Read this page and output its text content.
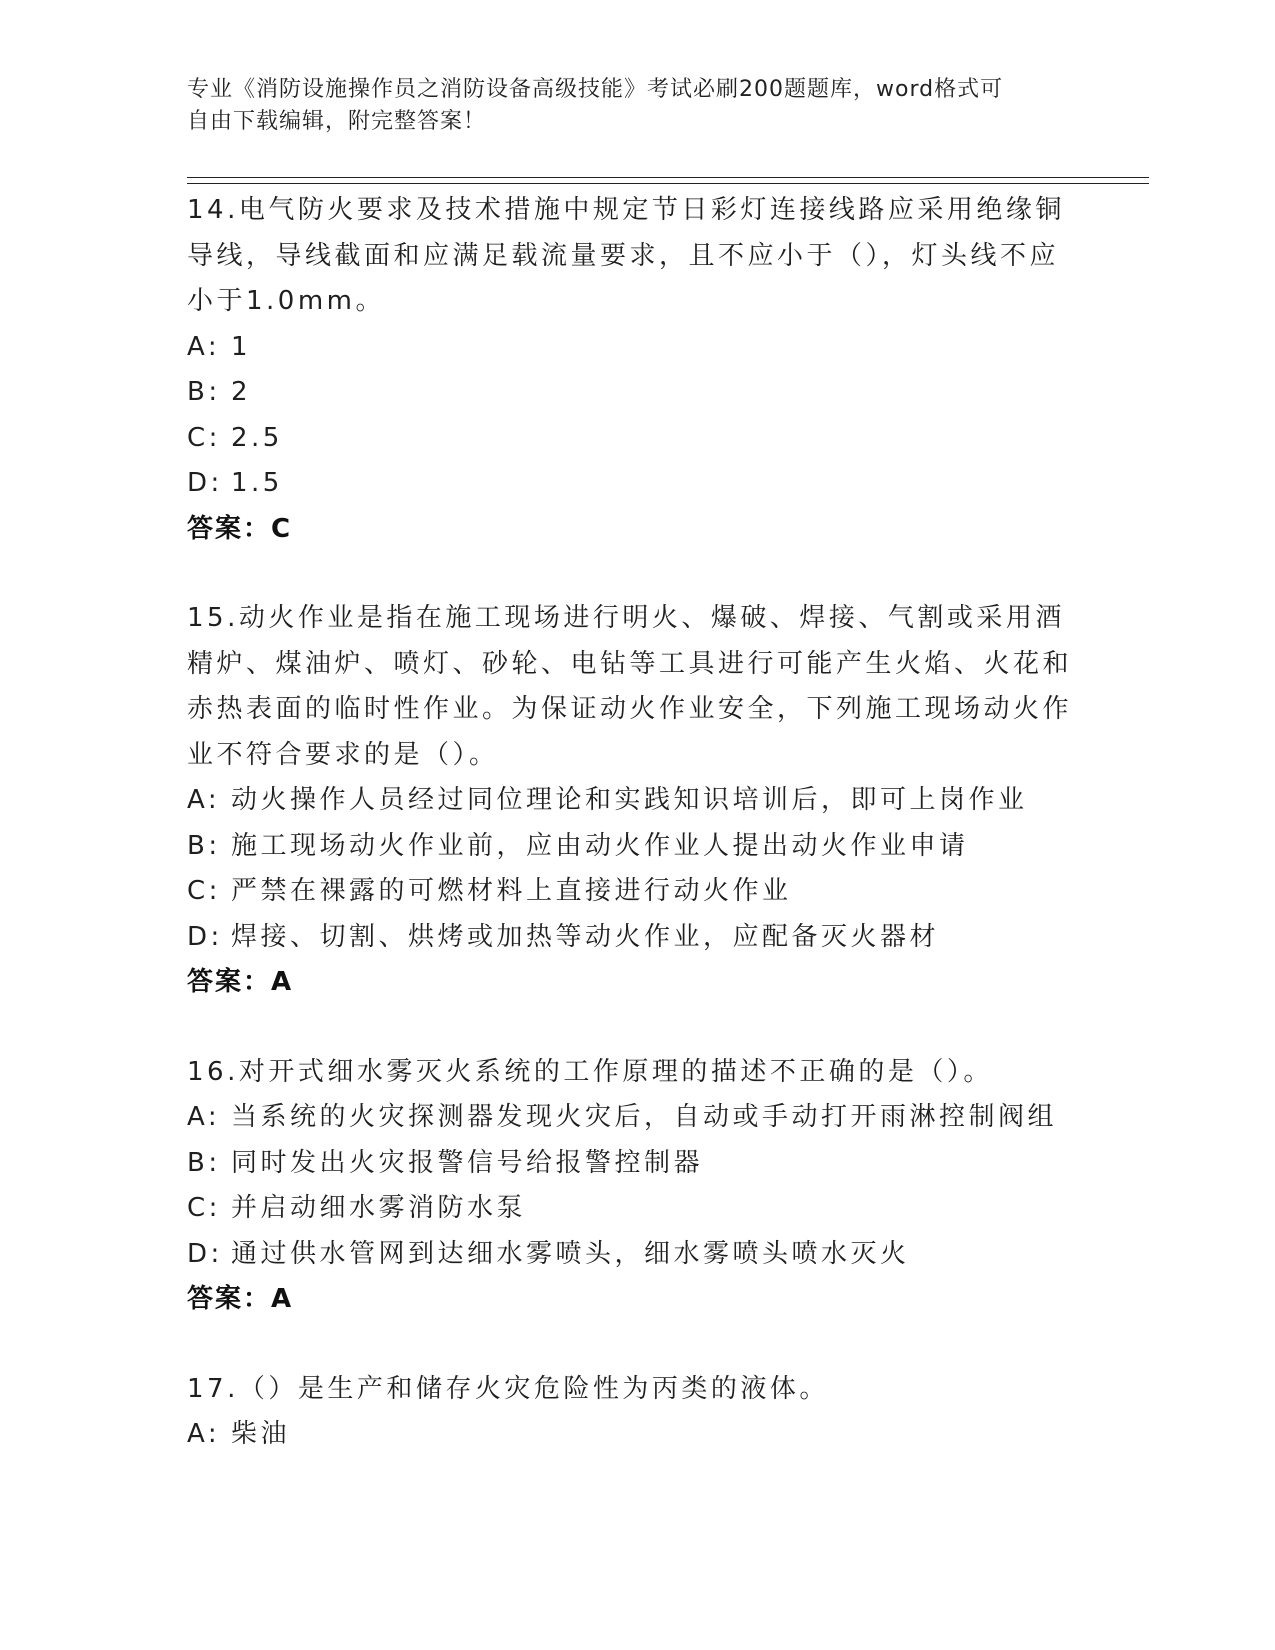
专业《消防设施操作员之消防设备高级技能》考试必刷200题题库，word格式可
自由下载编辑，附完整答案！

14.电气防火要求及技术措施中规定节日彩灯连接线路应采用绝缘铜导线，导线截面和应满足载流量要求，且不应小于（），灯头线不应小于1.0mm。

A: 1
B: 2
C: 2.5
D: 1.5

答案：C

15.动火作业是指在施工现场进行明火、爆破、焊接、气割或采用酒精炉、煤油炉、喷灯、砂轮、电钻等工具进行可能产生火焰、火花和赤热表面的临时性作业。为保证动火作业安全，下列施工现场动火作业不符合要求的是（）。

A: 动火操作人员经过同位理论和实践知识培训后，即可上岗作业
B: 施工现场动火作业前，应由动火作业人提出动火作业申请
C: 严禁在裸露的可燃材料上直接进行动火作业
D: 焊接、切割、烘烤或加热等动火作业，应配备灭火器材

答案：A

16.对开式细水雾灭火系统的工作原理的描述不正确的是（）。

A: 当系统的火灾探测器发现火灾后，自动或手动打开雨淋控制阀组
B: 同时发出火灾报警信号给报警控制器
C: 并启动细水雾消防水泵
D: 通过供水管网到达细水雾喷头，细水雾喷头喷水灭火

答案：A

17.（）是生产和储存火灾危险性为丙类的液体。

A: 柴油
